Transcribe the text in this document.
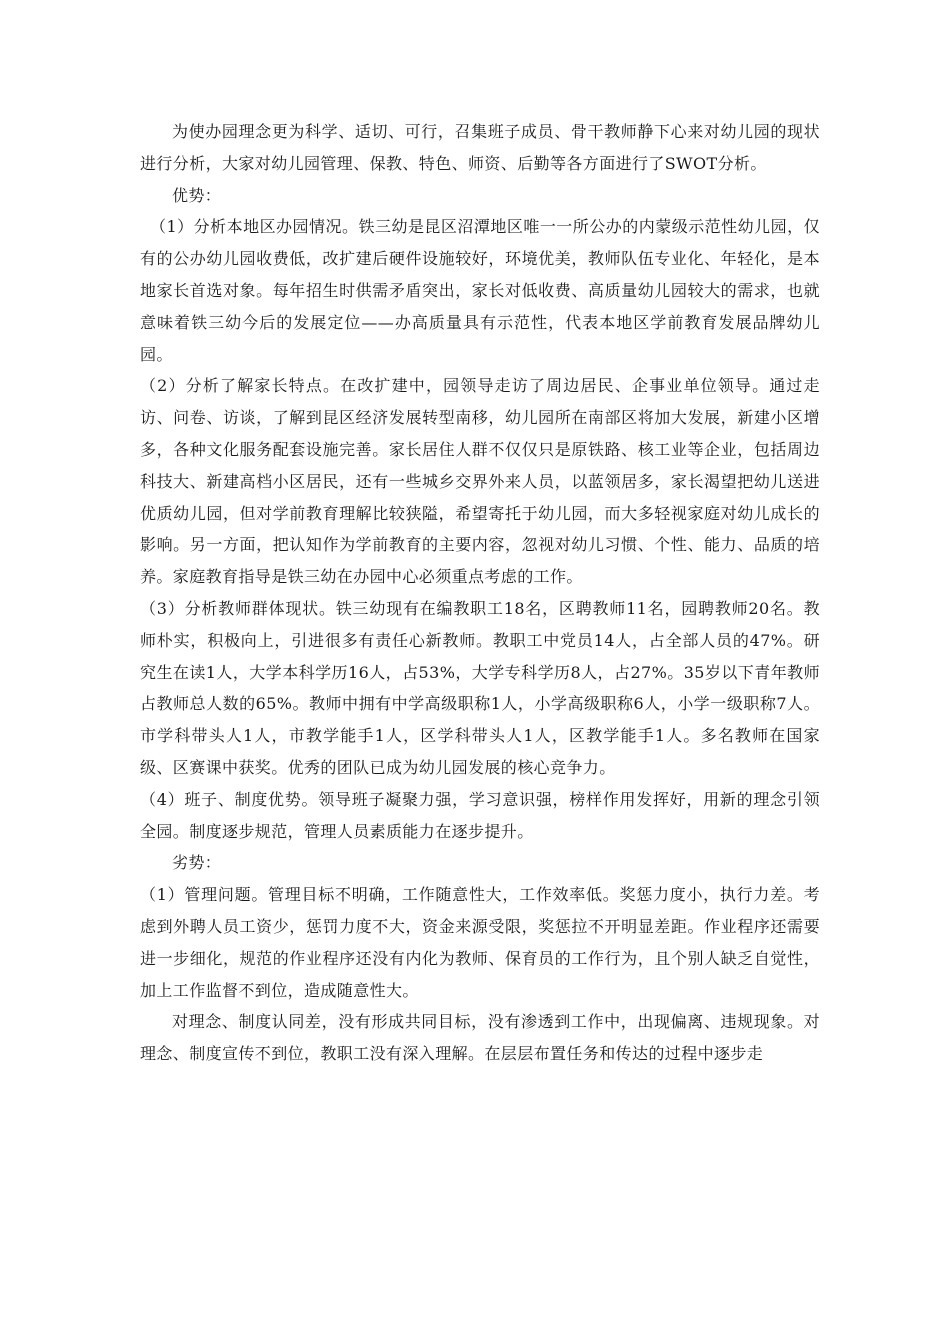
为使办园理念更为科学、适切、可行，召集班子成员、骨干教师静下心来对幼儿园的现状进行分析，大家对幼儿园管理、保教、特色、师资、后勤等各方面进行了SWOT分析。

优势：

（1）分析本地区办园情况。铁三幼是昆区沼潭地区唯一一所公办的内蒙级示范性幼儿园，仅有的公办幼儿园收费低，改扩建后硬件设施较好，环境优美，教师队伍专业化、年轻化，是本地家长首选对象。每年招生时供需矛盾突出，家长对低收费、高质量幼儿园较大的需求，也就意味着铁三幼今后的发展定位——办高质量具有示范性，代表本地区学前教育发展品牌幼儿园。

（2）分析了解家长特点。在改扩建中，园领导走访了周边居民、企事业单位领导。通过走访、问卷、访谈，了解到昆区经济发展转型南移，幼儿园所在南部区将加大发展，新建小区增多，各种文化服务配套设施完善。家长居住人群不仅仅只是原铁路、核工业等企业，包括周边科技大、新建高档小区居民，还有一些城乡交界外来人员，以蓝领居多，家长渴望把幼儿送进优质幼儿园，但对学前教育理解比较狭隘，希望寄托于幼儿园，而大多轻视家庭对幼儿成长的影响。另一方面，把认知作为学前教育的主要内容，忽视对幼儿习惯、个性、能力、品质的培养。家庭教育指导是铁三幼在办园中心必须重点考虑的工作。

（3）分析教师群体现状。铁三幼现有在编教职工18名，区聘教师11名，园聘教师20名。教师朴实，积极向上，引进很多有责任心新教师。教职工中党员14人，占全部人员的47%。研究生在读1人，大学本科学历16人，占53%，大学专科学历8人，占27%。35岁以下青年教师占教师总人数的65%。教师中拥有中学高级职称1人，小学高级职称6人，小学一级职称7人。市学科带头人1人，市教学能手1人，区学科带头人1人，区教学能手1人。多名教师在国家级、区赛课中获奖。优秀的团队已成为幼儿园发展的核心竞争力。

（4）班子、制度优势。领导班子凝聚力强，学习意识强，榜样作用发挥好，用新的理念引领全园。制度逐步规范，管理人员素质能力在逐步提升。

劣势：

（1）管理问题。管理目标不明确，工作随意性大，工作效率低。奖惩力度小，执行力差。考虑到外聘人员工资少，惩罚力度不大，资金来源受限，奖惩拉不开明显差距。作业程序还需要进一步细化，规范的作业程序还没有内化为教师、保育员的工作行为，且个别人缺乏自觉性，加上工作监督不到位，造成随意性大。

对理念、制度认同差，没有形成共同目标，没有渗透到工作中，出现偏离、违规现象。对理念、制度宣传不到位，教职工没有深入理解。在层层布置任务和传达的过程中逐步走
